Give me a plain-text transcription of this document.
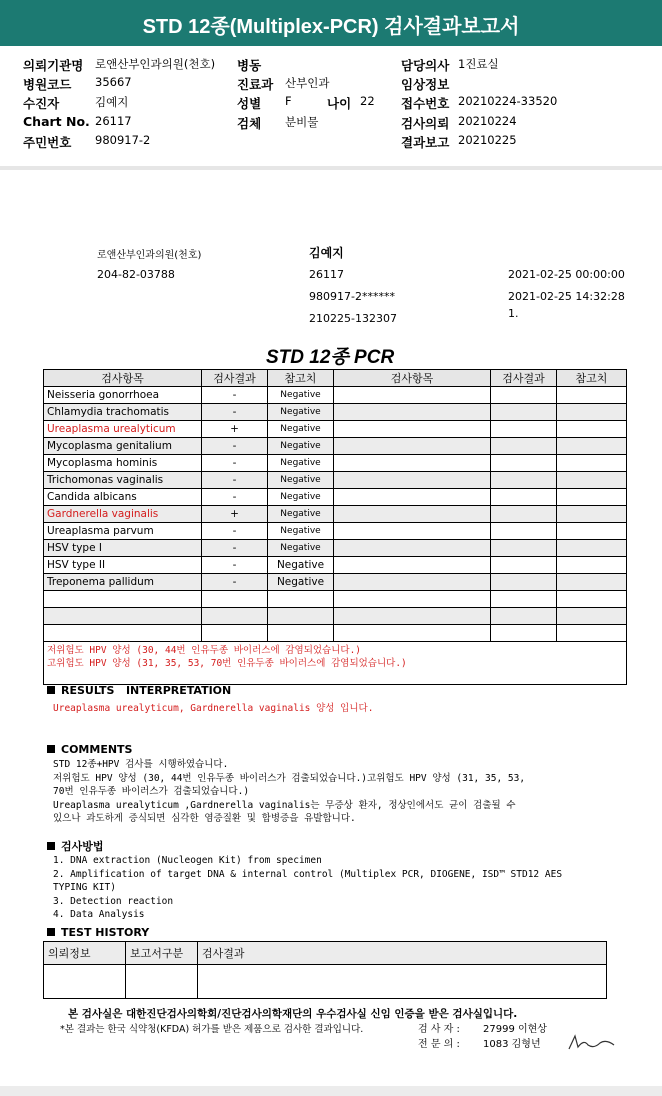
STD 12종(Multiplex-PCR) 검사결과보고서
의뢰기관명 로앤산부인과의원(천호) 병동	담당의사 1진료실
병원코드 35667	진료과 산부인과	임상정보
수진자	김예지	성별 F	나이 22 접수번호 20210224-33520
Chart No. 26117	검체 분비물	검사의뢰 20210224
주민번호 980917-2	결과보고 20210225
로앤산부인과의원(천호)	김예지
204-82-03788	26117	2021-02-25 00:00:00
980917-2******	2021-02-25 14:32:28
1.
210225-132307
STD 12종 PCR
검사항목	검사결과	참고치	검사항목	검사결과	참고치
Neisseria gonorrhoea	-	Negative			
Chlamydia trachomatis	-	Negative			
Ureaplasma urealyticum	+	Negative			
Mycoplasma genitalium	-	Negative			
Mycoplasma hominis	-	Negative			
Trichomonas vaginalis	-	Negative			
Candida albicans	-	Negative			
Gardnerella vaginalis	+	Negative			
Ureaplasma parvum	-	Negative			
HSV type I	-	Negative			
HSV type II	-	Negative			
Treponema pallidum	-	Negative			

저위험도 HPV 양성 (30, 44번 인유두종 바이러스에 감염되었습니다.)
고위험도 HPV 양성 (31, 35, 53, 70번 인유두종 바이러스에 감염되었습니다.)					
RESULTS   INTERPRETATION
Ureaplasma urealyticum, Gardnerella vaginalis 양성 입니다.
COMMENTS
STD 12종+HPV 검사를 시행하였습니다.
저위험도 HPV 양성 (30, 44번 인유두종 바이러스가 검출되었습니다.)고위험도 HPV 양성 (31, 35, 53,
70번 인유두종 바이러스가 검출되었습니다.)
Ureaplasma urealyticum ,Gardnerella vaginalis는 무증상 환자, 정상인에서도 균이 검출될 수
있으나 과도하게 증식되면 심각한 염증질환 및 합병증을 유발합니다.
검사방법
1. DNA extraction (Nucleogen Kit) from specimen
2. Amplification of target DNA & internal control (Multiplex PCR, DIOGENE, ISD™ STD12 AES
TYPING KIT)
3. Detection reaction
4. Data Analysis
TEST HISTORY
의뢰정보	보고서구분	검사결과

본 검사실은 대한진단검사의학회/진단검사의학재단의 우수검사실 신임 인증을 받은 검사실입니다.
*본 결과는 한국 식약청(KFDA) 허가를 받은 제품으로 검사한 결과입니다.	검 사 자 : 27999 이현상
전 문 의 : 1083 김형년
